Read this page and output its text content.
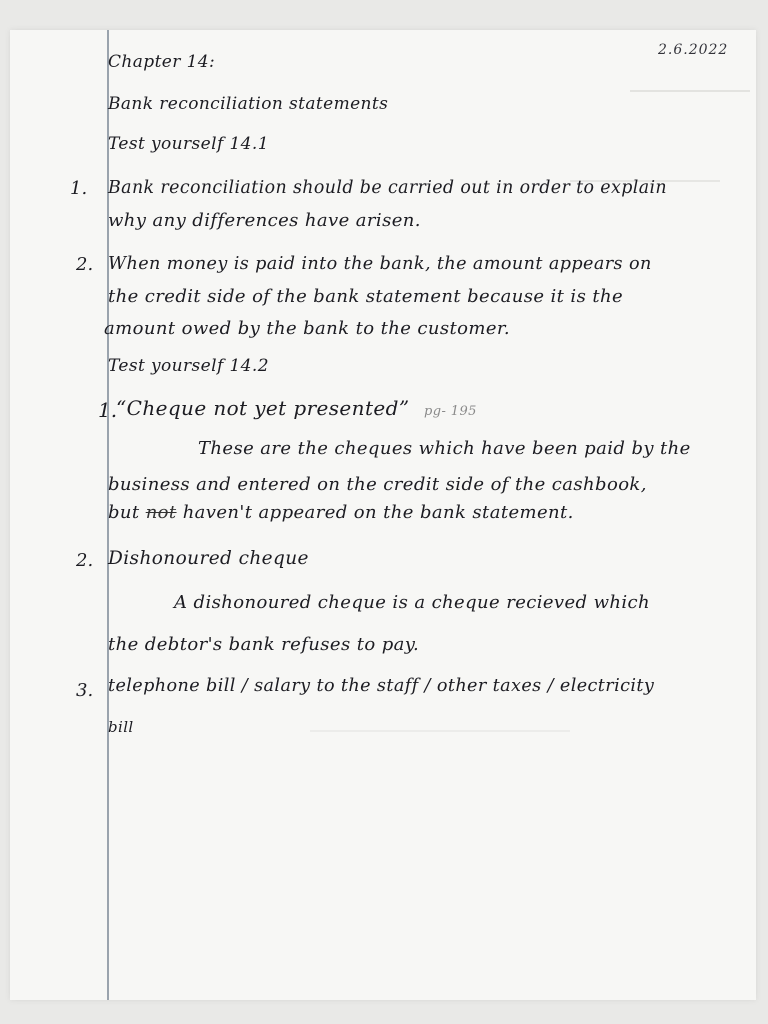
2.6.2022

Chapter 14:

Bank reconciliation statements

Test yourself 14.1

1. Bank reconciliation should be carried out in order to explain

why any differences have arisen.

2. When money is paid into the bank, the amount appears on

the credit side of the bank statement because it is the

amount owed by the bank to the customer.

Test yourself 14.2

1.

“Cheque not yet presented” pg- 195

These are the cheques which have been paid by the

business and entered on the credit side of the cashbook,

but not haven't appeared on the bank statement.

2. Dishonoured cheque

A dishonoured cheque is a cheque recieved which

the debtor's bank refuses to pay.

3. telephone bill / salary to the staff / other taxes / electricity

bill
